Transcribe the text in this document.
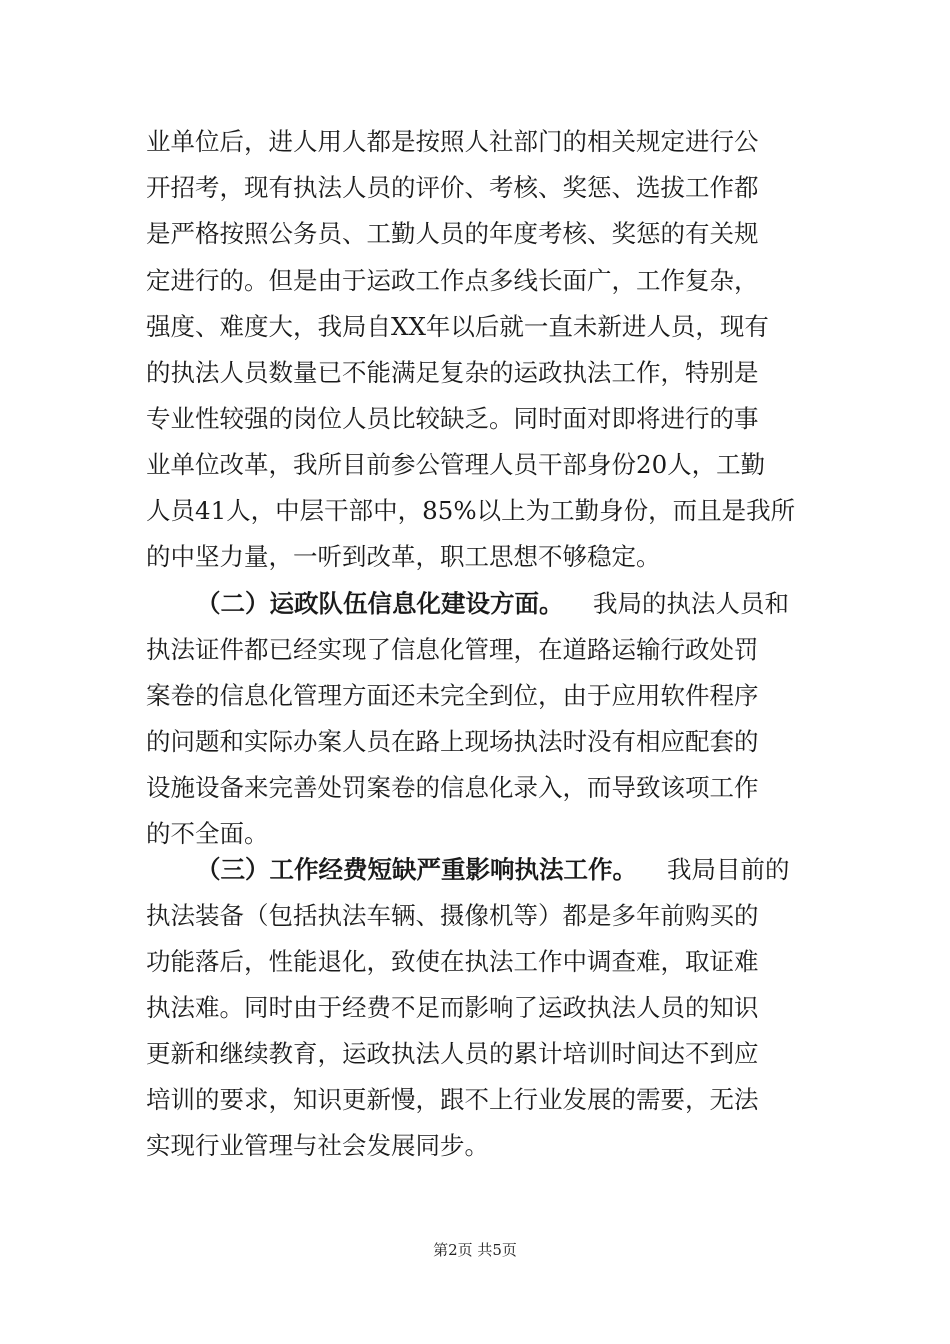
业单位后，进人用人都是按照人社部门的相关规定进行公
开招考，现有执法人员的评价、考核、奖惩、选拔工作都
是严格按照公务员、工勤人员的年度考核、奖惩的有关规
定进行的。但是由于运政工作点多线长面广，工作复杂，
强度、难度大，我局自XX年以后就一直未新进人员，现有
的执法人员数量已不能满足复杂的运政执法工作，特别是
专业性较强的岗位人员比较缺乏。同时面对即将进行的事
业单位改革，我所目前参公管理人员干部身份20人，工勤
人员41人，中层干部中，85%以上为工勤身份，而且是我所
的中坚力量，一听到改革，职工思想不够稳定。
（二）运政队伍信息化建设方面。 我局的执法人员和
执法证件都已经实现了信息化管理，在道路运输行政处罚
案卷的信息化管理方面还未完全到位，由于应用软件程序
的问题和实际办案人员在路上现场执法时没有相应配套的
设施设备来完善处罚案卷的信息化录入，而导致该项工作
的不全面。
（三）工作经费短缺严重影响执法工作。 我局目前的
执法装备（包括执法车辆、摄像机等）都是多年前购买的
功能落后，性能退化，致使在执法工作中调查难，取证难
执法难。同时由于经费不足而影响了运政执法人员的知识
更新和继续教育，运政执法人员的累计培训时间达不到应
培训的要求，知识更新慢，跟不上行业发展的需要，无法
实现行业管理与社会发展同步。
第2页 共5页
